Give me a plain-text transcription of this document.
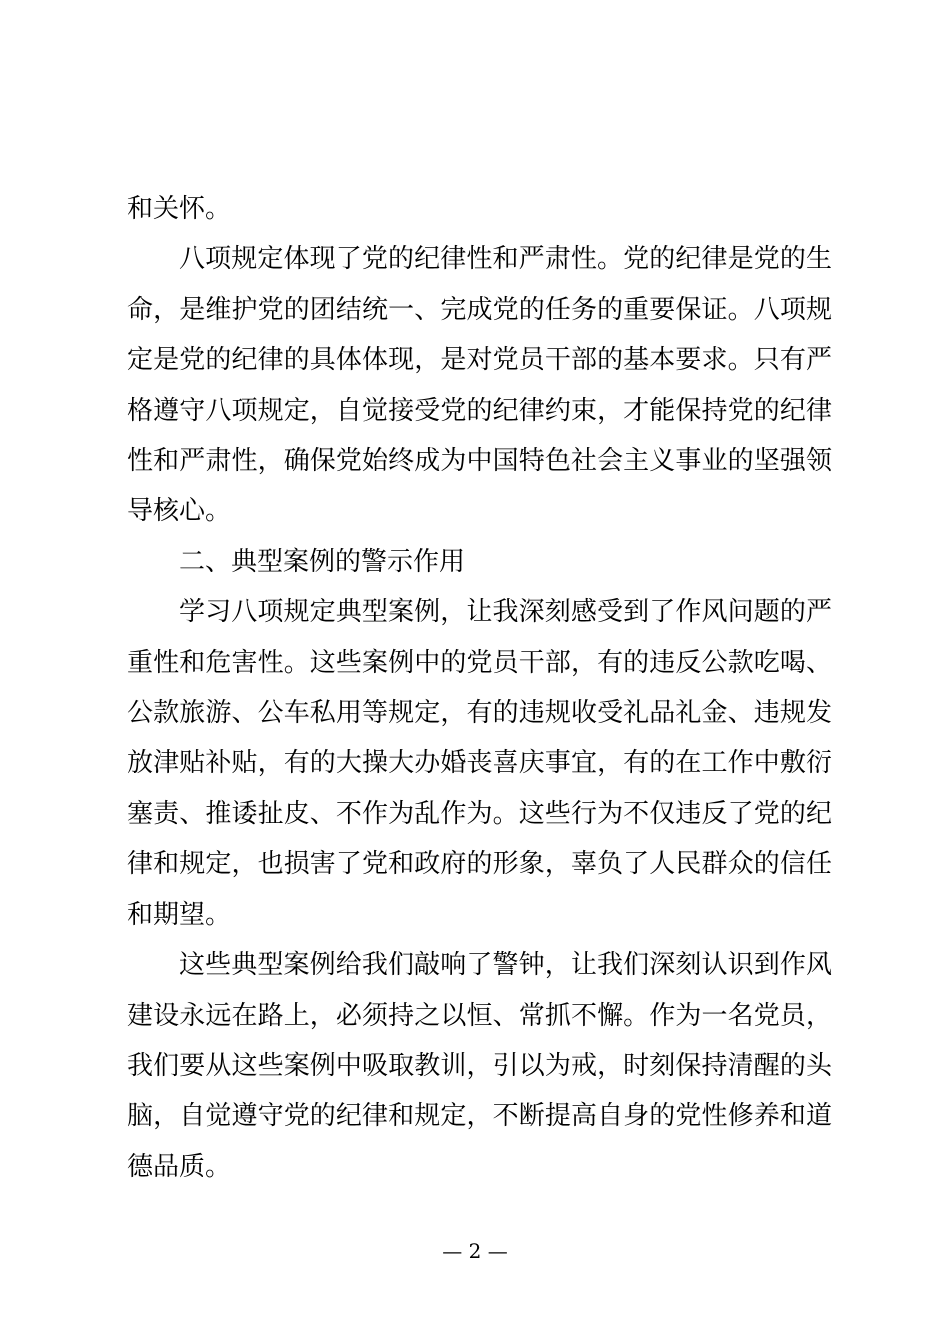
和关怀。

八项规定体现了党的纪律性和严肃性。党的纪律是党的生命，是维护党的团结统一、完成党的任务的重要保证。八项规定是党的纪律的具体体现，是对党员干部的基本要求。只有严格遵守八项规定，自觉接受党的纪律约束，才能保持党的纪律性和严肃性，确保党始终成为中国特色社会主义事业的坚强领导核心。

二、典型案例的警示作用

学习八项规定典型案例，让我深刻感受到了作风问题的严重性和危害性。这些案例中的党员干部，有的违反公款吃喝、公款旅游、公车私用等规定，有的违规收受礼品礼金、违规发放津贴补贴，有的大操大办婚丧喜庆事宜，有的在工作中敷衍塞责、推诿扯皮、不作为乱作为。这些行为不仅违反了党的纪律和规定，也损害了党和政府的形象，辜负了人民群众的信任和期望。

这些典型案例给我们敲响了警钟，让我们深刻认识到作风建设永远在路上，必须持之以恒、常抓不懈。作为一名党员，我们要从这些案例中吸取教训，引以为戒，时刻保持清醒的头脑，自觉遵守党的纪律和规定，不断提高自身的党性修养和道德品质。

— 2 —
